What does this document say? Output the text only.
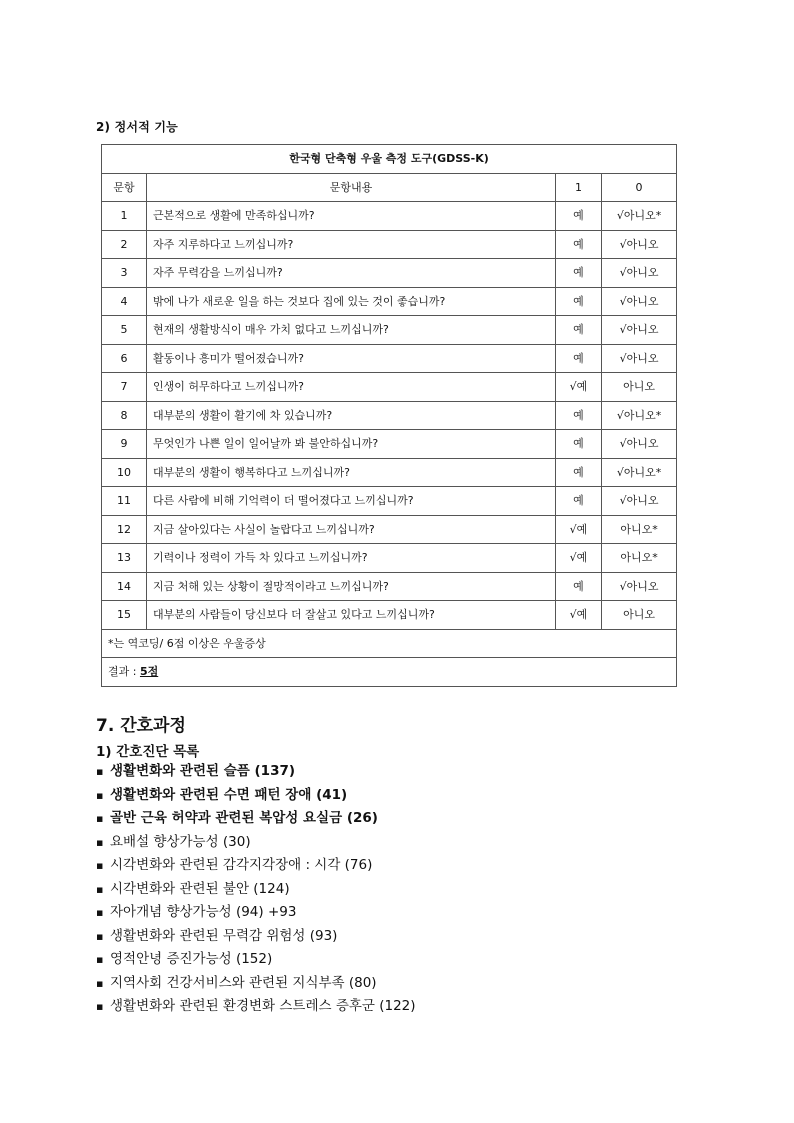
2) 정서적 기능
한국형 단축형 우울 측정 도구(GDSS-K)			
문항	문항내용	1	0
1	근본적으로 생활에 만족하십니까?	예	√아니오*
2	자주 지루하다고 느끼십니까?	예	√아니오
3	자주 무력감을 느끼십니까?	예	√아니오
4	밖에 나가 새로운 일을 하는 것보다 집에 있는 것이 좋습니까?	예	√아니오
5	현재의 생활방식이 매우 가치 없다고 느끼십니까?	예	√아니오
6	활동이나 흥미가 떨어졌습니까?	예	√아니오
7	인생이 허무하다고 느끼십니까?	√예	아니오
8	대부분의 생활이 활기에 차 있습니까?	예	√아니오*
9	무엇인가 나쁜 일이 일어날까 봐 불안하십니까?	예	√아니오
10	대부분의 생활이 행복하다고 느끼십니까?	예	√아니오*
11	다른 사람에 비해 기억력이 더 떨어졌다고 느끼십니까?	예	√아니오
12	지금 살아있다는 사실이 놀랍다고 느끼십니까?	√예	아니오*
13	기력이나 정력이 가득 차 있다고 느끼십니까?	√예	아니오*
14	지금 처해 있는 상황이 절망적이라고 느끼십니까?	예	√아니오
15	대부분의 사람들이 당신보다 더 잘살고 있다고 느끼십니까?	√예	아니오
*는 역코딩/ 6점 이상은 우울증상			
결과 : 5점			
7. 간호과정
1) 간호진단 목록
▪ 생활변화와 관련된 슬픔 (137)
▪ 생활변화와 관련된 수면 패턴 장애 (41)
▪ 골반 근육 허약과 관련된 복압성 요실금 (26)
▪ 요배설 향상가능성 (30)
▪ 시각변화와 관련된 감각지각장애 : 시각 (76)
▪ 시각변화와 관련된 불안 (124)
▪ 자아개념 향상가능성 (94) +93
▪ 생활변화와 관련된 무력감 위험성 (93)
▪ 영적안녕 증진가능성 (152)
▪ 지역사회 건강서비스와 관련된 지식부족 (80)
▪ 생활변화와 관련된 환경변화 스트레스 증후군 (122)
